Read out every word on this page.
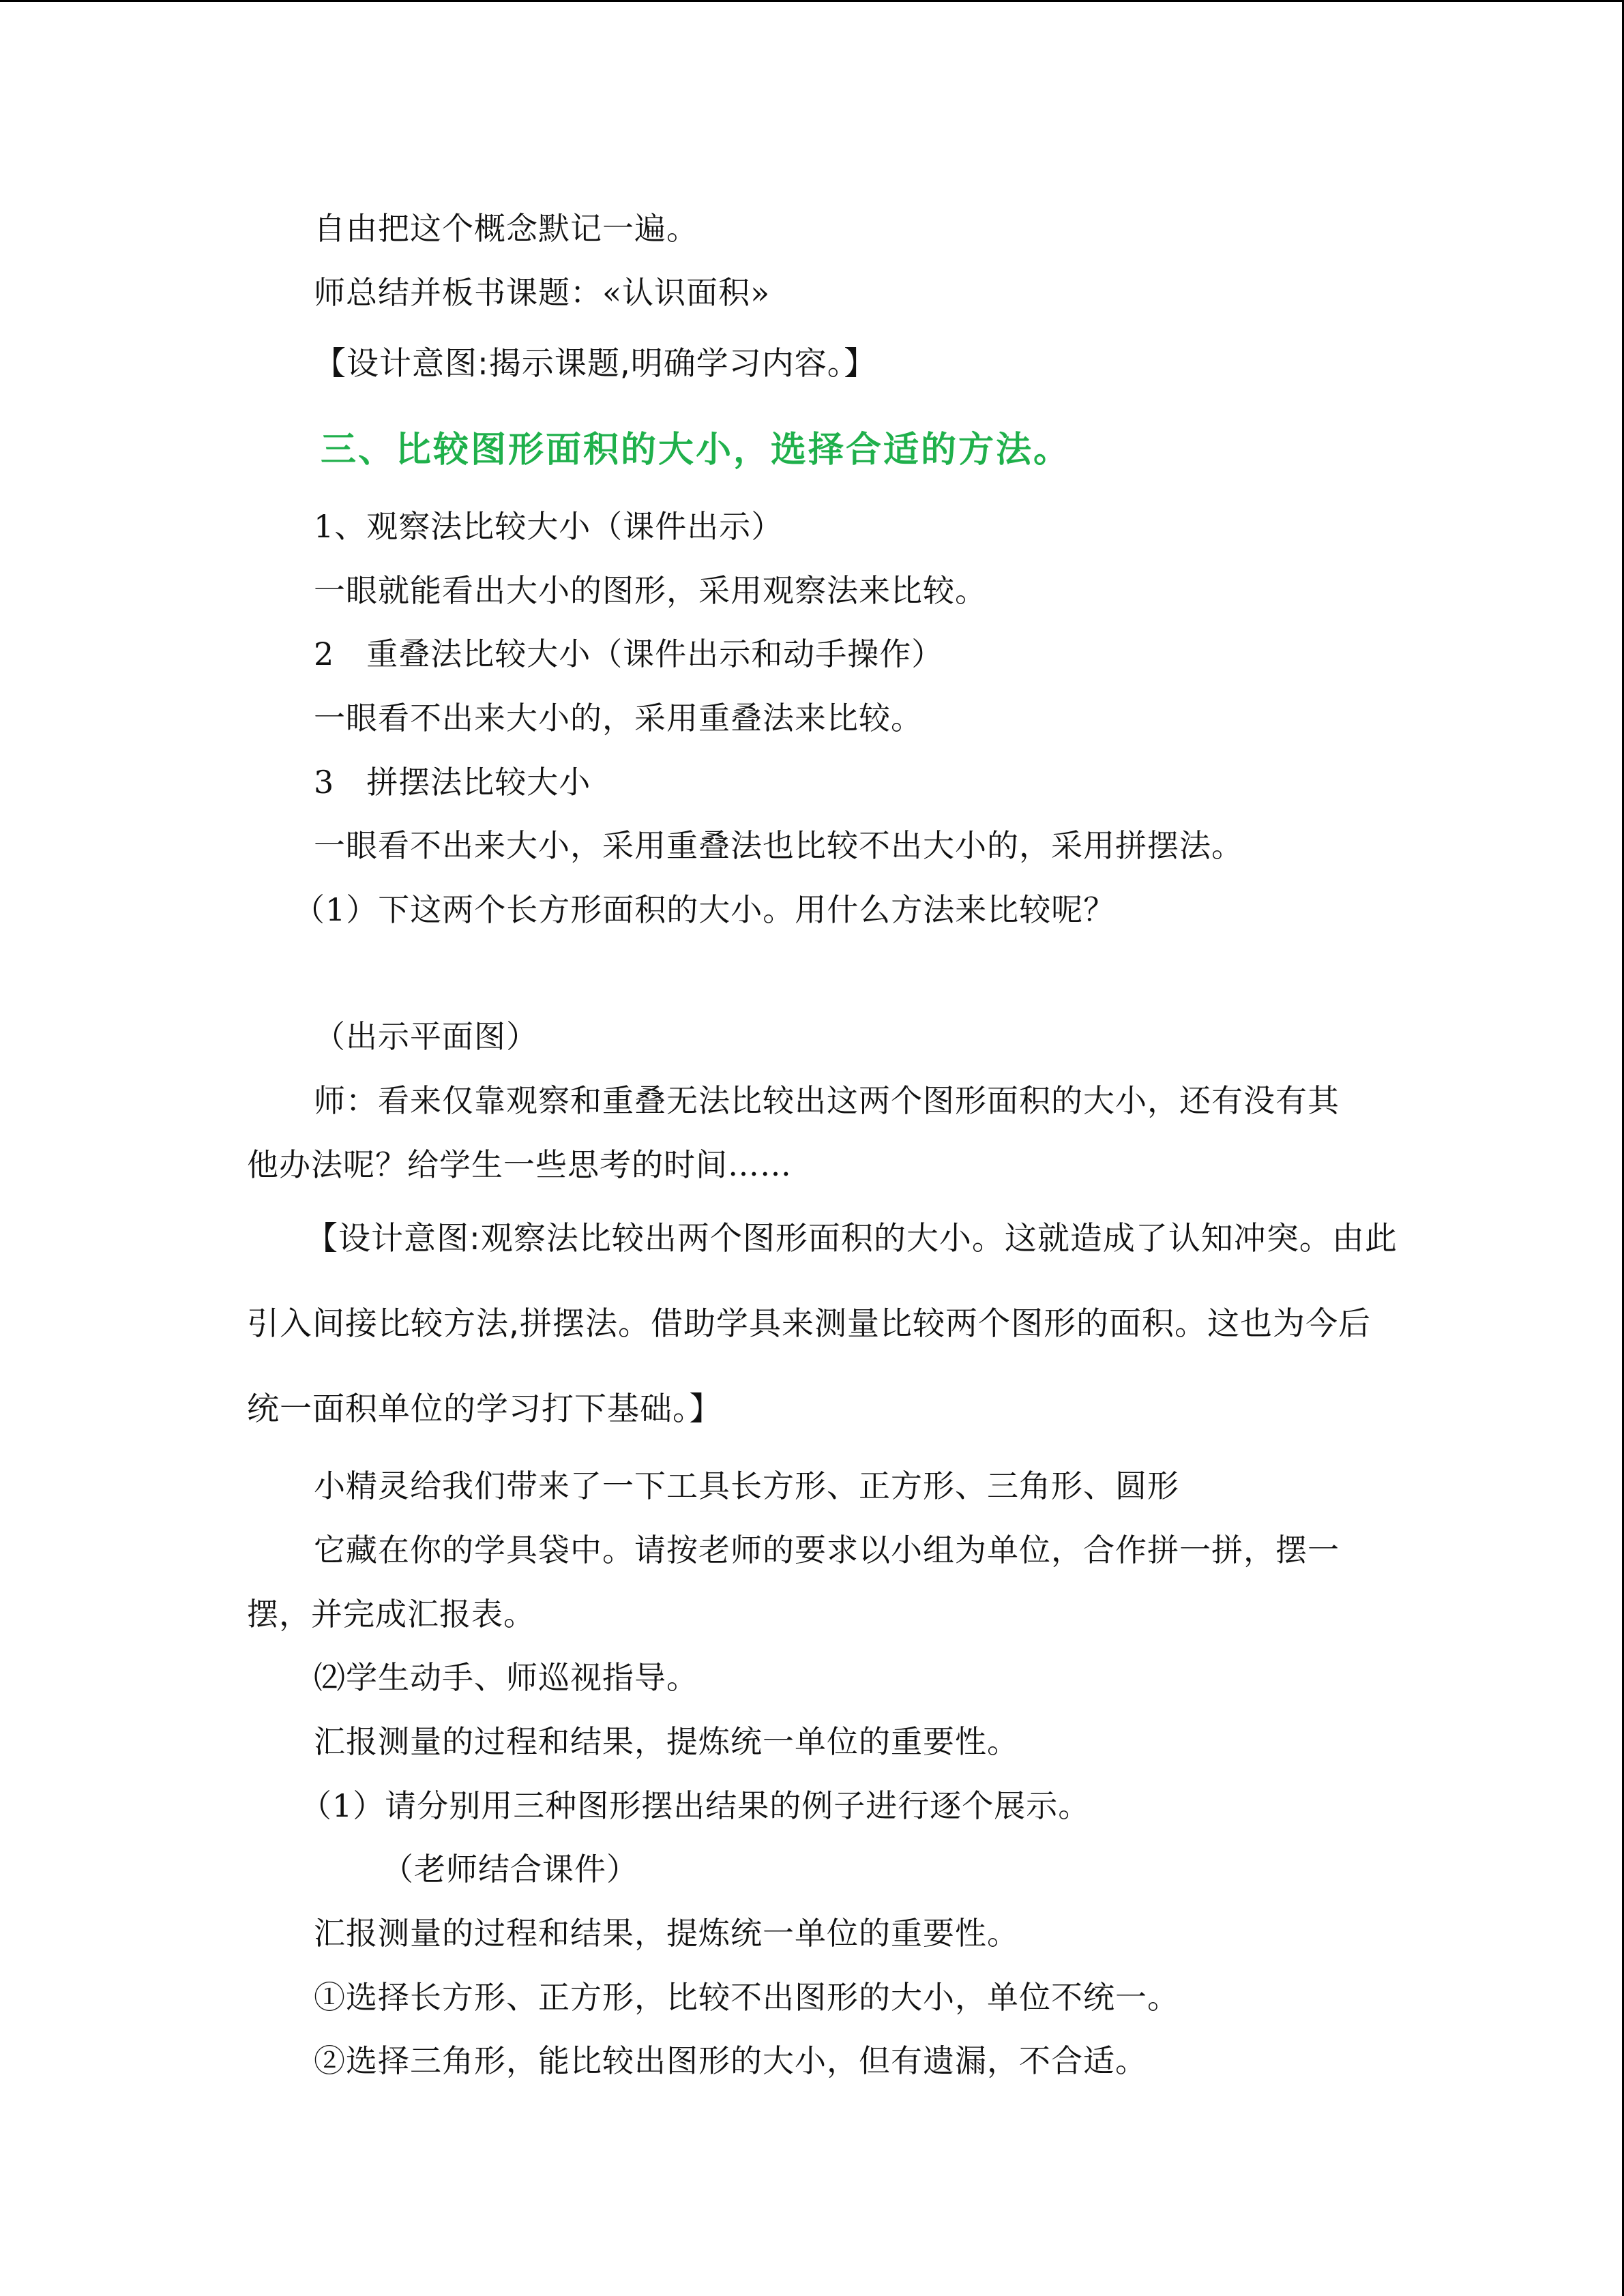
自由把这个概念默记一遍。
师总结并板书课题：«认识面积»
【设计意图:揭示课题,明确学习内容。】
三、比较图形面积的大小，选择合适的方法。
1、观察法比较大小（课件出示）
一眼就能看出大小的图形，采用观察法来比较。
2　重叠法比较大小（课件出示和动手操作）
一眼看不出来大小的，采用重叠法来比较。
3　拼摆法比较大小
一眼看不出来大小，采用重叠法也比较不出大小的，采用拼摆法。
（1）下这两个长方形面积的大小。用什么方法来比较呢？
（出示平面图）
师：看来仅靠观察和重叠无法比较出这两个图形面积的大小，还有没有其
他办法呢？给学生一些思考的时间……
【设计意图:观察法比较出两个图形面积的大小。这就造成了认知冲突。由此
引入间接比较方法,拼摆法。借助学具来测量比较两个图形的面积。这也为今后
统一面积单位的学习打下基础。】
小精灵给我们带来了一下工具长方形、正方形、三角形、圆形
它藏在你的学具袋中。请按老师的要求以小组为单位，合作拼一拼，摆一
摆，并完成汇报表。
⑵学生动手、师巡视指导。
汇报测量的过程和结果，提炼统一单位的重要性。
（1）请分别用三种图形摆出结果的例子进行逐个展示。
（老师结合课件）
汇报测量的过程和结果，提炼统一单位的重要性。
①选择长方形、正方形，比较不出图形的大小，单位不统一。
②选择三角形，能比较出图形的大小，但有遗漏，不合适。
